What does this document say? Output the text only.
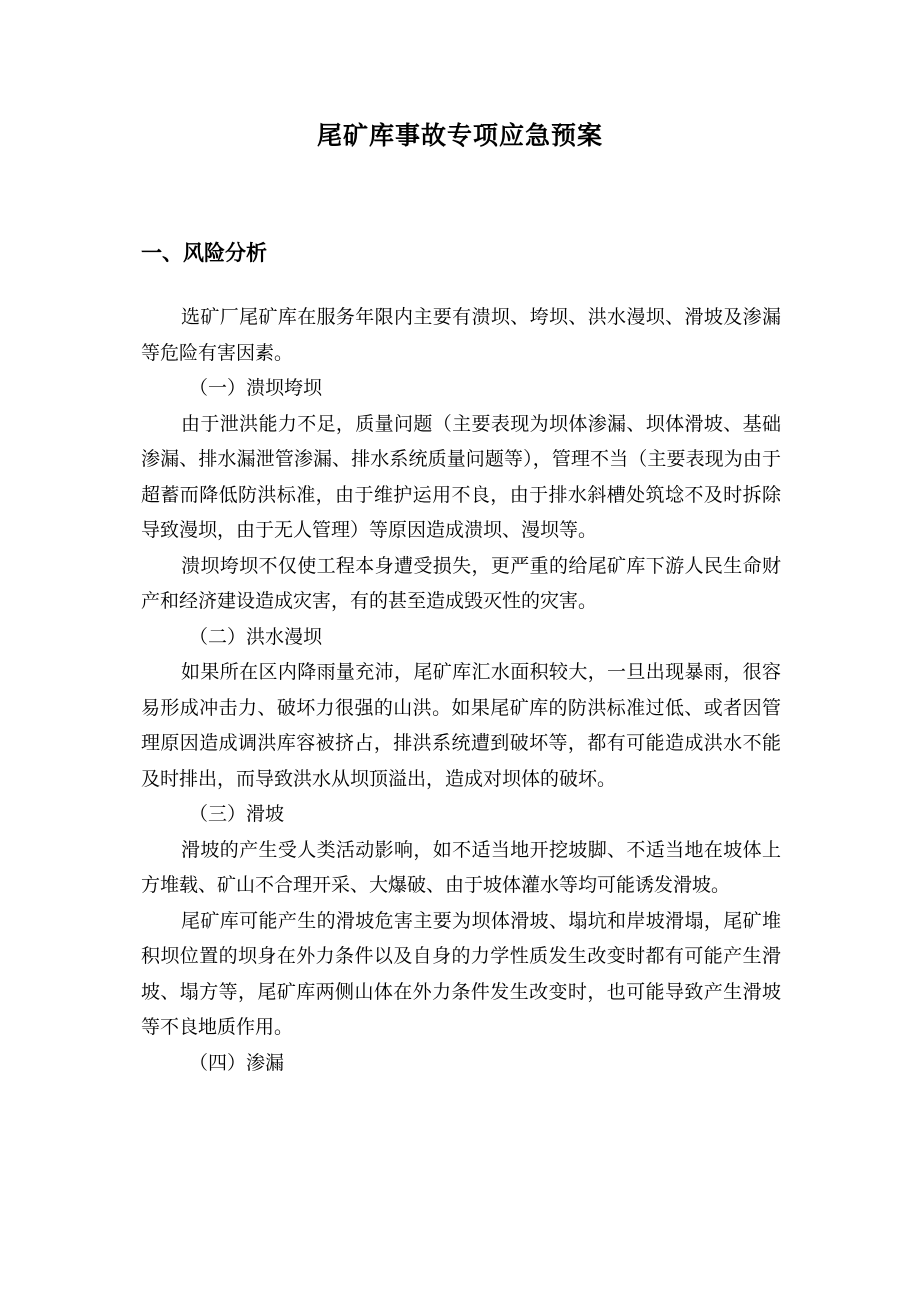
尾矿库事故专项应急预案
一、风险分析

选矿厂尾矿库在服务年限内主要有溃坝、垮坝、洪水漫坝、滑坡及渗漏等危险有害因素。

（一）溃坝垮坝

由于泄洪能力不足，质量问题（主要表现为坝体渗漏、坝体滑坡、基础渗漏、排水漏泄管渗漏、排水系统质量问题等），管理不当（主要表现为由于超蓄而降低防洪标准，由于维护运用不良，由于排水斜槽处筑埝不及时拆除导致漫坝，由于无人管理）等原因造成溃坝、漫坝等。

溃坝垮坝不仅使工程本身遭受损失，更严重的给尾矿库下游人民生命财产和经济建设造成灾害，有的甚至造成毁灭性的灾害。

（二）洪水漫坝

如果所在区内降雨量充沛，尾矿库汇水面积较大，一旦出现暴雨，很容易形成冲击力、破坏力很强的山洪。如果尾矿库的防洪标准过低、或者因管理原因造成调洪库容被挤占，排洪系统遭到破坏等，都有可能造成洪水不能及时排出，而导致洪水从坝顶溢出，造成对坝体的破坏。

（三）滑坡

滑坡的产生受人类活动影响，如不适当地开挖坡脚、不适当地在坡体上方堆载、矿山不合理开采、大爆破、由于坡体灌水等均可能诱发滑坡。

尾矿库可能产生的滑坡危害主要为坝体滑坡、塌坑和岸坡滑塌，尾矿堆积坝位置的坝身在外力条件以及自身的力学性质发生改变时都有可能产生滑坡、塌方等，尾矿库两侧山体在外力条件发生改变时，也可能导致产生滑坡等不良地质作用。

（四）渗漏
